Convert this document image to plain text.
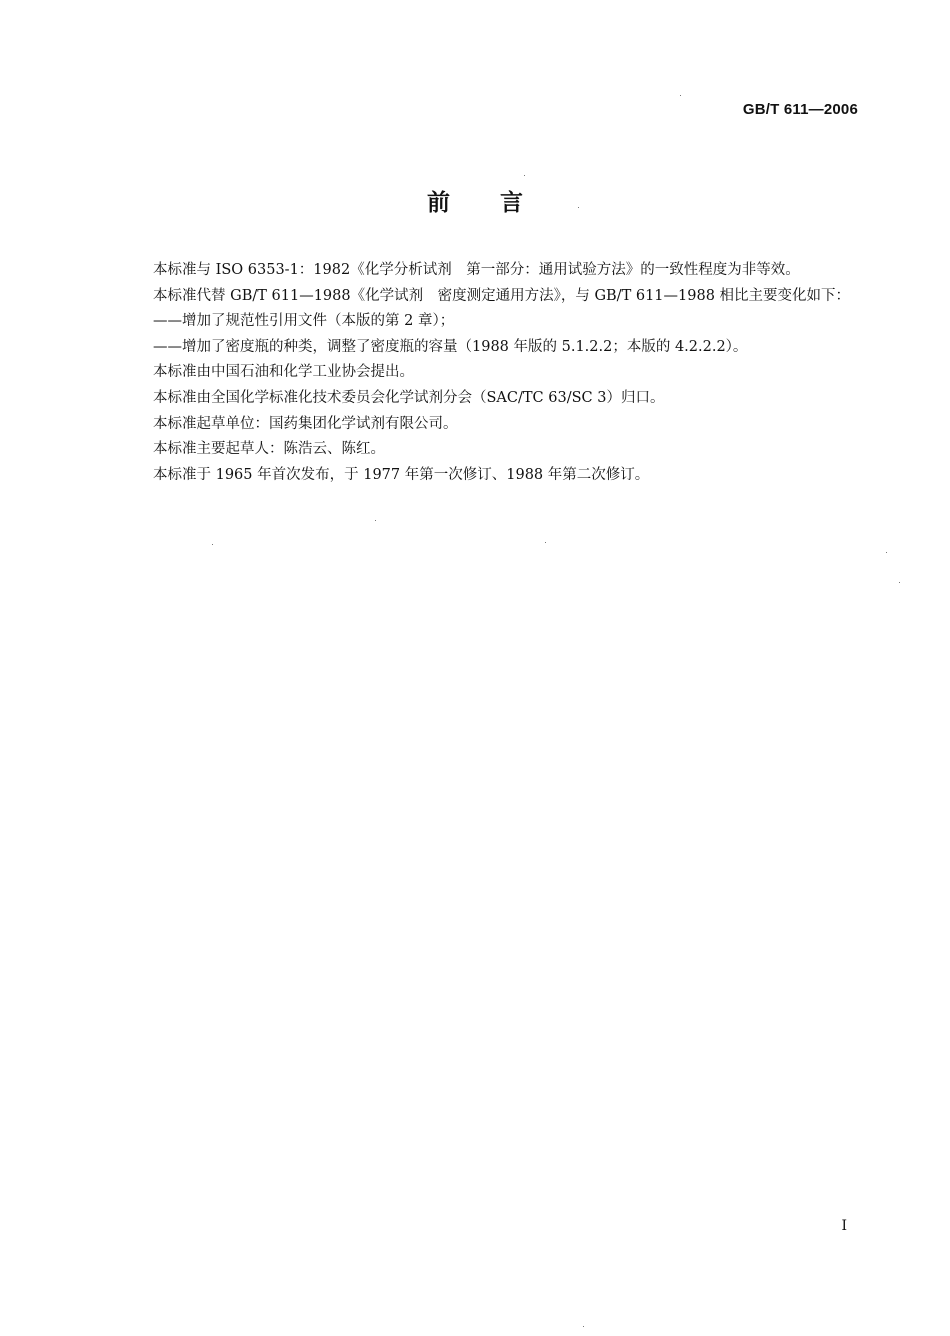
GB/T 611—2006
前言

本标准与 ISO 6353-1：1982《化学分析试剂　第一部分：通用试验方法》的一致性程度为非等效。

本标准代替 GB/T 611—1988《化学试剂　密度测定通用方法》，与 GB/T 611—1988 相比主要变化如下：

——增加了规范性引用文件（本版的第 2 章）；

——增加了密度瓶的种类，调整了密度瓶的容量（1988 年版的 5.1.2.2；本版的 4.2.2.2）。

本标准由中国石油和化学工业协会提出。

本标准由全国化学标准化技术委员会化学试剂分会（SAC/TC 63/SC 3）归口。

本标准起草单位：国药集团化学试剂有限公司。

本标准主要起草人：陈浩云、陈红。

本标准于 1965 年首次发布，于 1977 年第一次修订、1988 年第二次修订。

I
